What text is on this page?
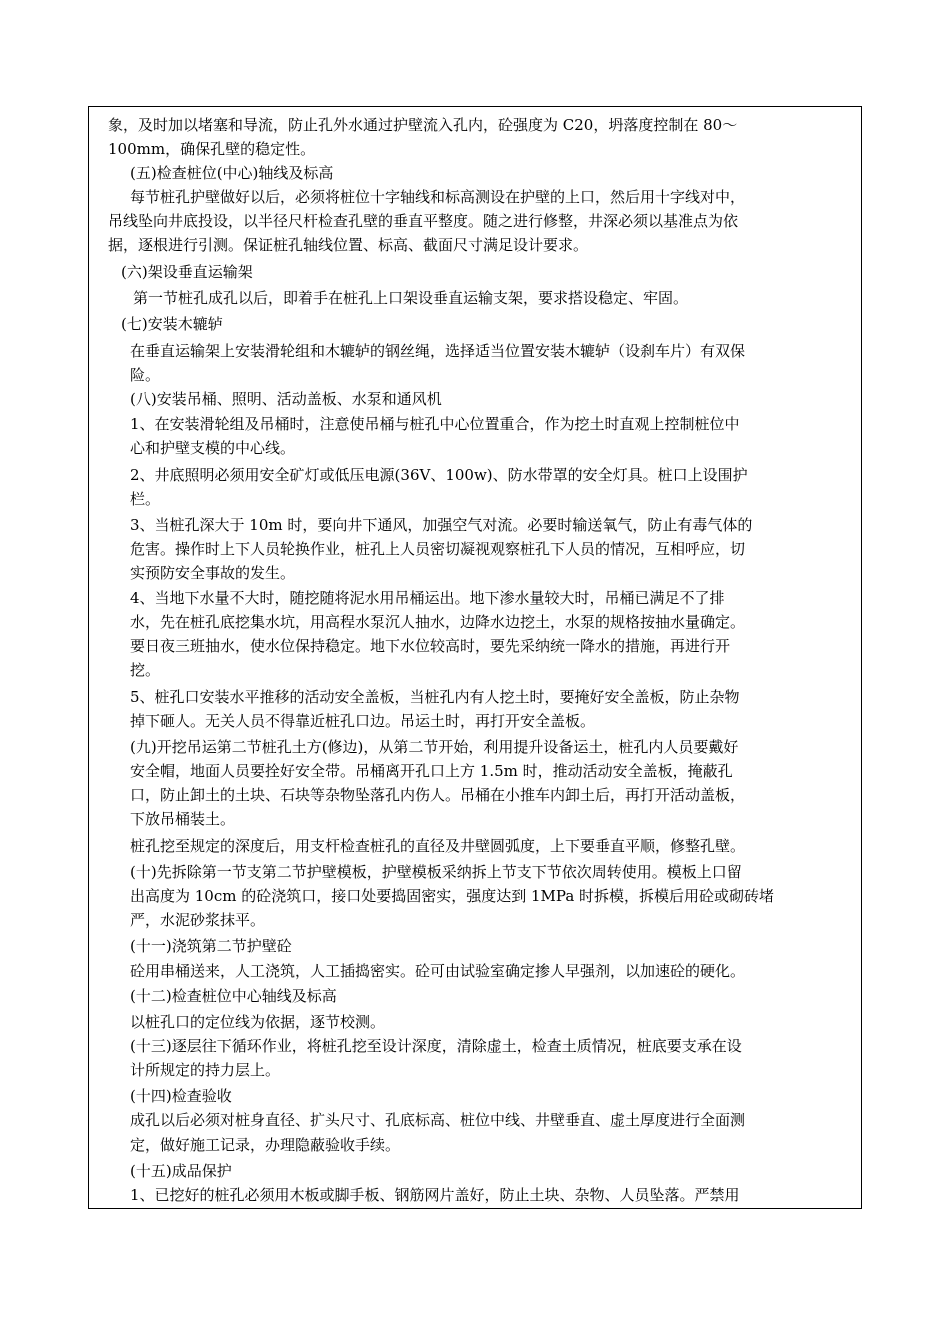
象，及时加以堵塞和导流，防止孔外水通过护壁流入孔内，砼强度为 C20，坍落度控制在 80～
100mm，确保孔壁的稳定性。
(五)检查桩位(中心)轴线及标高
每节桩孔护壁做好以后，必须将桩位十字轴线和标高测设在护壁的上口，然后用十字线对中，
吊线坠向井底投设，以半径尺杆检查孔壁的垂直平整度。随之进行修整，井深必须以基准点为依
据，逐根进行引测。保证桩孔轴线位置、标高、截面尺寸满足设计要求。
(六)架设垂直运输架
第一节桩孔成孔以后，即着手在桩孔上口架设垂直运输支架，要求搭设稳定、牢固。
(七)安装木辘轳
在垂直运输架上安装滑轮组和木辘轳的钢丝绳，选择适当位置安装木辘轳（设刹车片）有双保
险。
(八)安装吊桶、照明、活动盖板、水泵和通风机
1、在安装滑轮组及吊桶时，注意使吊桶与桩孔中心位置重合，作为挖土时直观上控制桩位中
心和护壁支模的中心线。
2、井底照明必须用安全矿灯或低压电源(36V、100w)、防水带罩的安全灯具。桩口上设围护
栏。
3、当桩孔深大于 10m 时，要向井下通风，加强空气对流。必要时输送氧气，防止有毒气体的
危害。操作时上下人员轮换作业，桩孔上人员密切凝视观察桩孔下人员的情况，互相呼应，切
实预防安全事故的发生。
4、当地下水量不大时，随挖随将泥水用吊桶运出。地下渗水量较大时，吊桶已满足不了排
水，先在桩孔底挖集水坑，用高程水泵沉人抽水，边降水边挖土，水泵的规格按抽水量确定。
要日夜三班抽水，使水位保持稳定。地下水位较高时，要先采纳统一降水的措施，再进行开
挖。
5、桩孔口安装水平推移的活动安全盖板，当桩孔内有人挖土时，要掩好安全盖板，防止杂物
掉下砸人。无关人员不得靠近桩孔口边。吊运土时，再打开安全盖板。
(九)开挖吊运第二节桩孔土方(修边)，从第二节开始，利用提升设备运土，桩孔内人员要戴好
安全帽，地面人员要拴好安全带。吊桶离开孔口上方 1.5m 时，推动活动安全盖板，掩蔽孔
口，防止卸土的土块、石块等杂物坠落孔内伤人。吊桶在小推车内卸土后，再打开活动盖板，
下放吊桶装土。
桩孔挖至规定的深度后，用支杆检查桩孔的直径及井壁圆弧度，上下要垂直平顺，修整孔壁。
(十)先拆除第一节支第二节护壁模板，护壁模板采纳拆上节支下节依次周转使用。模板上口留
出高度为 10cm 的砼浇筑口，接口处要捣固密实，强度达到 1MPa 时拆模，拆模后用砼或砌砖堵
严，水泥砂浆抹平。
(十一)浇筑第二节护壁砼
砼用串桶送来，人工浇筑，人工插捣密实。砼可由试验室确定掺人早强剂，以加速砼的硬化。
(十二)检查桩位中心轴线及标高
以桩孔口的定位线为依据，逐节校测。
(十三)逐层往下循环作业，将桩孔挖至设计深度，清除虚土，检查土质情况，桩底要支承在设
计所规定的持力层上。
(十四)检查验收
成孔以后必须对桩身直径、扩头尺寸、孔底标高、桩位中线、井壁垂直、虚土厚度进行全面测
定，做好施工记录，办理隐蔽验收手续。
(十五)成品保护
1、已挖好的桩孔必须用木板或脚手板、钢筋网片盖好，防止土块、杂物、人员坠落。严禁用
